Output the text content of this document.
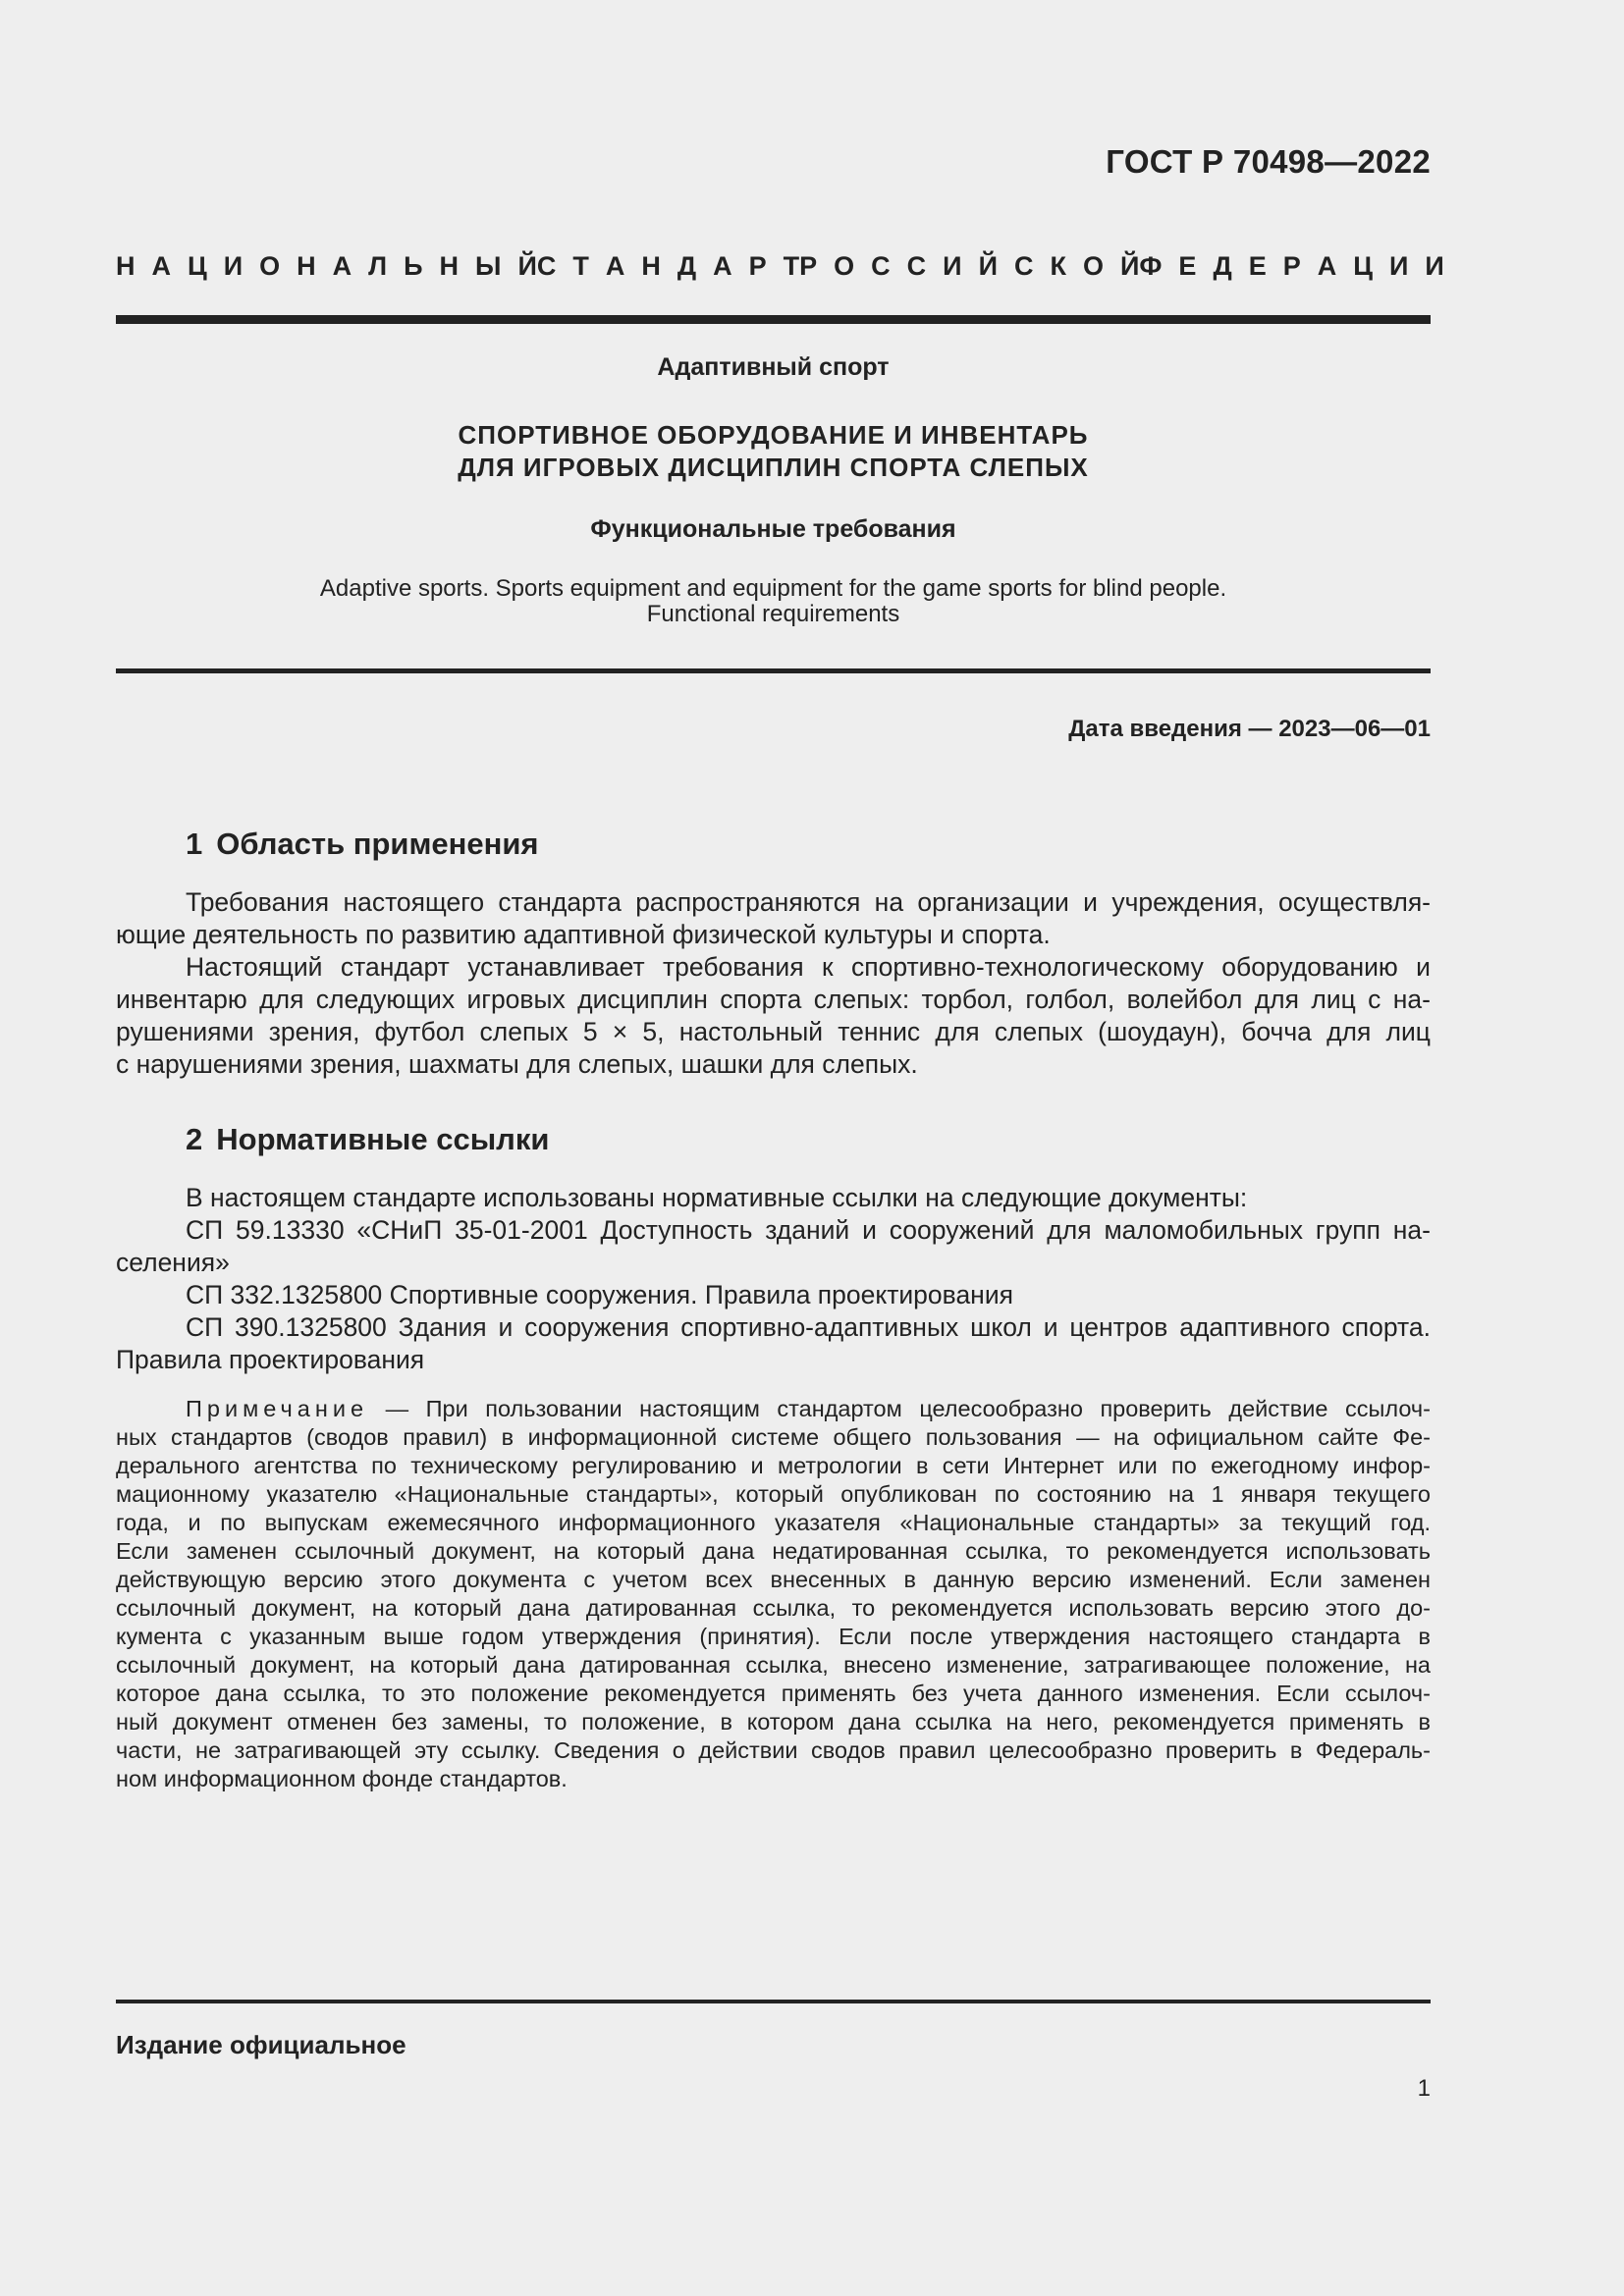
ГОСТ Р 70498—2022
Н А Ц И О Н А Л Ь Н Ы Й С Т А Н Д А Р Т Р О С С И Й С К О Й Ф Е Д Е Р А Ц И И
Адаптивный спорт
СПОРТИВНОЕ ОБОРУДОВАНИЕ И ИНВЕНТАРЬ
ДЛЯ ИГРОВЫХ ДИСЦИПЛИН СПОРТА СЛЕПЫХ
Функциональные требования
Adaptive sports. Sports equipment and equipment for the game sports for blind people.
Functional requirements
Дата введения — 2023—06—01
1 Область применения
Требования настоящего стандарта распространяются на организации и учреждения, осуществля-
ющие деятельность по развитию адаптивной физической культуры и спорта.
Настоящий стандарт устанавливает требования к спортивно-технологическому оборудованию и
инвентарю для следующих игровых дисциплин спорта слепых: торбол, голбол, волейбол для лиц с на-
рушениями зрения, футбол слепых 5 × 5, настольный теннис для слепых (шоудаун), бочча для лиц
с нарушениями зрения, шахматы для слепых, шашки для слепых.
2 Нормативные ссылки
В настоящем стандарте использованы нормативные ссылки на следующие документы:
СП 59.13330 «СНиП 35-01-2001 Доступность зданий и сооружений для маломобильных групп на-
селения»
СП 332.1325800 Спортивные сооружения. Правила проектирования
СП 390.1325800 Здания и сооружения спортивно-адаптивных школ и центров адаптивного спорта.
Правила проектирования
Примечание — При пользовании настоящим стандартом целесообразно проверить действие ссылоч-
ных стандартов (сводов правил) в информационной системе общего пользования — на официальном сайте Фе-
дерального агентства по техническому регулированию и метрологии в сети Интернет или по ежегодному инфор-
мационному указателю «Национальные стандарты», который опубликован по состоянию на 1 января текущего
года, и по выпускам ежемесячного информационного указателя «Национальные стандарты» за текущий год.
Если заменен ссылочный документ, на который дана недатированная ссылка, то рекомендуется использовать
действующую версию этого документа с учетом всех внесенных в данную версию изменений. Если заменен
ссылочный документ, на который дана датированная ссылка, то рекомендуется использовать версию этого до-
кумента с указанным выше годом утверждения (принятия). Если после утверждения настоящего стандарта в
ссылочный документ, на который дана датированная ссылка, внесено изменение, затрагивающее положение, на
которое дана ссылка, то это положение рекомендуется применять без учета данного изменения. Если ссылоч-
ный документ отменен без замены, то положение, в котором дана ссылка на него, рекомендуется применять в
части, не затрагивающей эту ссылку. Сведения о действии сводов правил целесообразно проверить в Федераль-
ном информационном фонде стандартов.
Издание официальное
1
